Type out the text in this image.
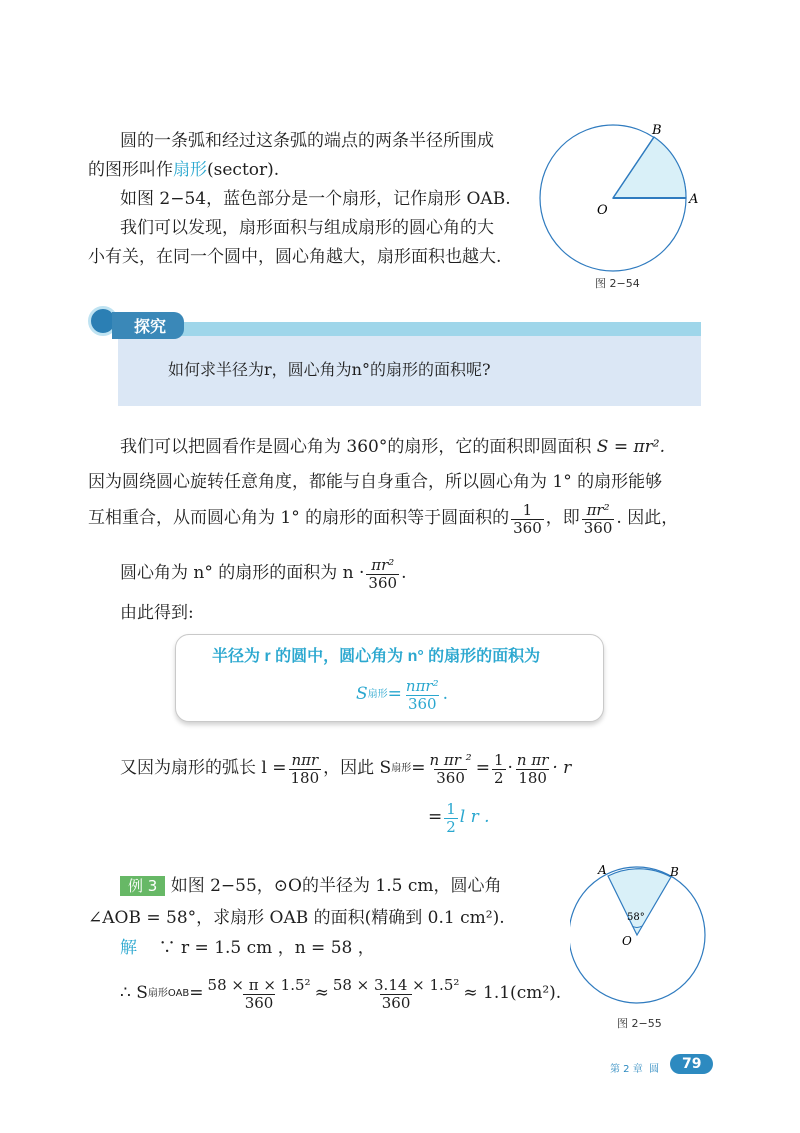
圆的一条弧和经过这条弧的端点的两条半径所围成
的图形叫作扇形(sector).
如图 2−54，蓝色部分是一个扇形，记作扇形 OAB.
我们可以发现，扇形面积与组成扇形的圆心角的大
小有关，在同一个圆中，圆心角越大，扇形面积也越大.
O
A
B
图 2−54
探究
如何求半径为r，圆心角为n°的扇形的面积呢?
我们可以把圆看作是圆心角为 360°的扇形，它的面积即圆面积 S = πr².
因为圆绕圆心旋转任意角度，都能与自身重合，所以圆心角为 1° 的扇形能够
互相重合，从而圆心角为 1° 的扇形的面积等于圆面积的 $\frac{1}{360}$ ，即 $\frac{\text{πr²}}{360}$ . 因此，
圆心角为 n° 的扇形的面积为 $n \cdot \frac{\text{πr²}}{360}$ .
由此得到:
半径为 r 的圆中，圆心角为 n° 的扇形的面积为
S 扇形 = $\frac{\text{nπr²}}{360}$ .
又因为扇形的弧长 $l = \frac{\text{nπr}}{180}$ ，因此 S 扇形 = $\frac{\text{n πr ²}}{360} = \frac{1}{2} \cdot \frac{\text{n πr}}{180} \cdot r$
= $\frac{1}{2}$ l r .
例 3 如图 2−55，⊙O的半径为 1.5 cm，圆心角
∠AOB = 58°，求扇形 OAB 的面积(精确到 0.1 cm²).
解 ∵ r = 1.5 cm ，n = 58 ，
∴ S 扇形OAB = $\frac{\text{58 × π × 1.5²}}{360} \approx \frac{\text{58 × 3.14 × 1.5²}}{360} \approx 1.1(cm^2)$.
A	B
58°
O
图 2−55
第 2 章 圆	79
